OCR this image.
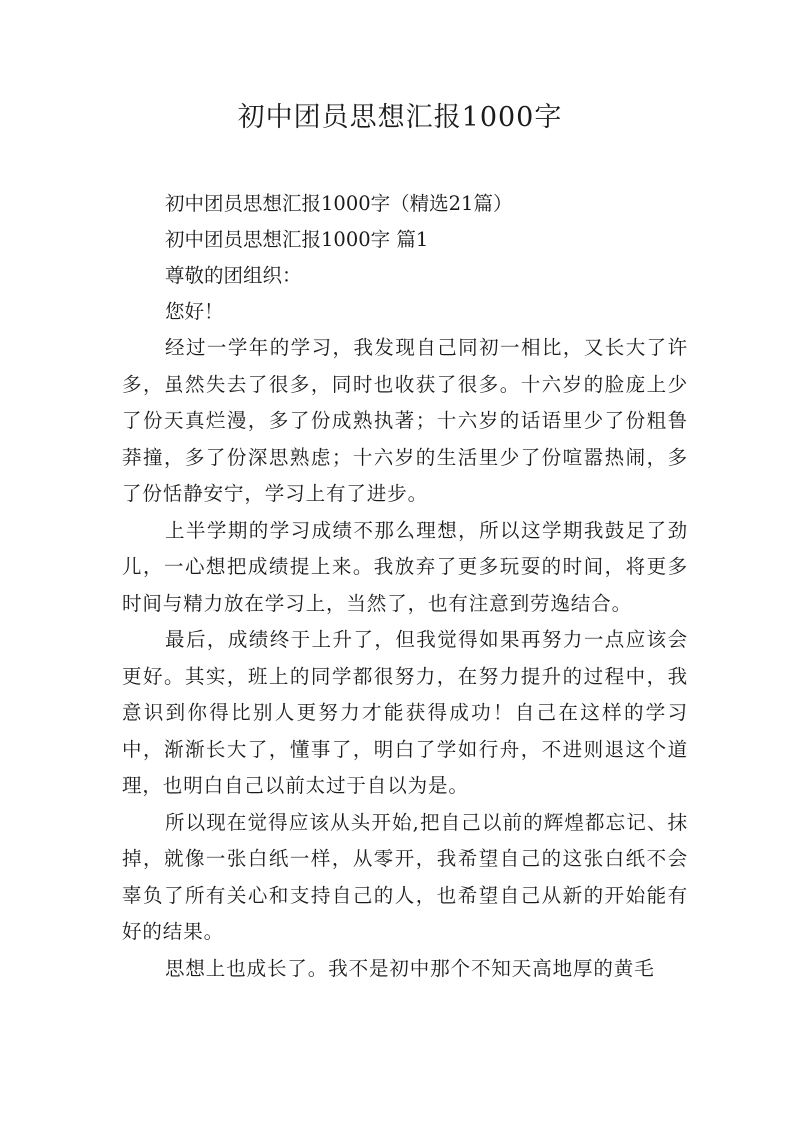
初中团员思想汇报1000字

初中团员思想汇报1000字（精选21篇）

初中团员思想汇报1000字 篇1

尊敬的团组织：

您好！

经过一学年的学习，我发现自己同初一相比，又长大了许多，虽然失去了很多，同时也收获了很多。十六岁的脸庞上少了份天真烂漫，多了份成熟执著；十六岁的话语里少了份粗鲁莽撞，多了份深思熟虑；十六岁的生活里少了份喧嚣热闹，多了份恬静安宁，学习上有了进步。

上半学期的学习成绩不那么理想，所以这学期我鼓足了劲儿，一心想把成绩提上来。我放弃了更多玩耍的时间，将更多时间与精力放在学习上，当然了，也有注意到劳逸结合。

最后，成绩终于上升了，但我觉得如果再努力一点应该会更好。其实，班上的同学都很努力，在努力提升的过程中，我意识到你得比别人更努力才能获得成功！自己在这样的学习中，渐渐长大了，懂事了，明白了学如行舟，不进则退这个道理，也明白自己以前太过于自以为是。

所以现在觉得应该从头开始,把自己以前的辉煌都忘记、抹掉，就像一张白纸一样，从零开，我希望自己的这张白纸不会辜负了所有关心和支持自己的人，也希望自己从新的开始能有好的结果。

思想上也成长了。我不是初中那个不知天高地厚的黄毛
